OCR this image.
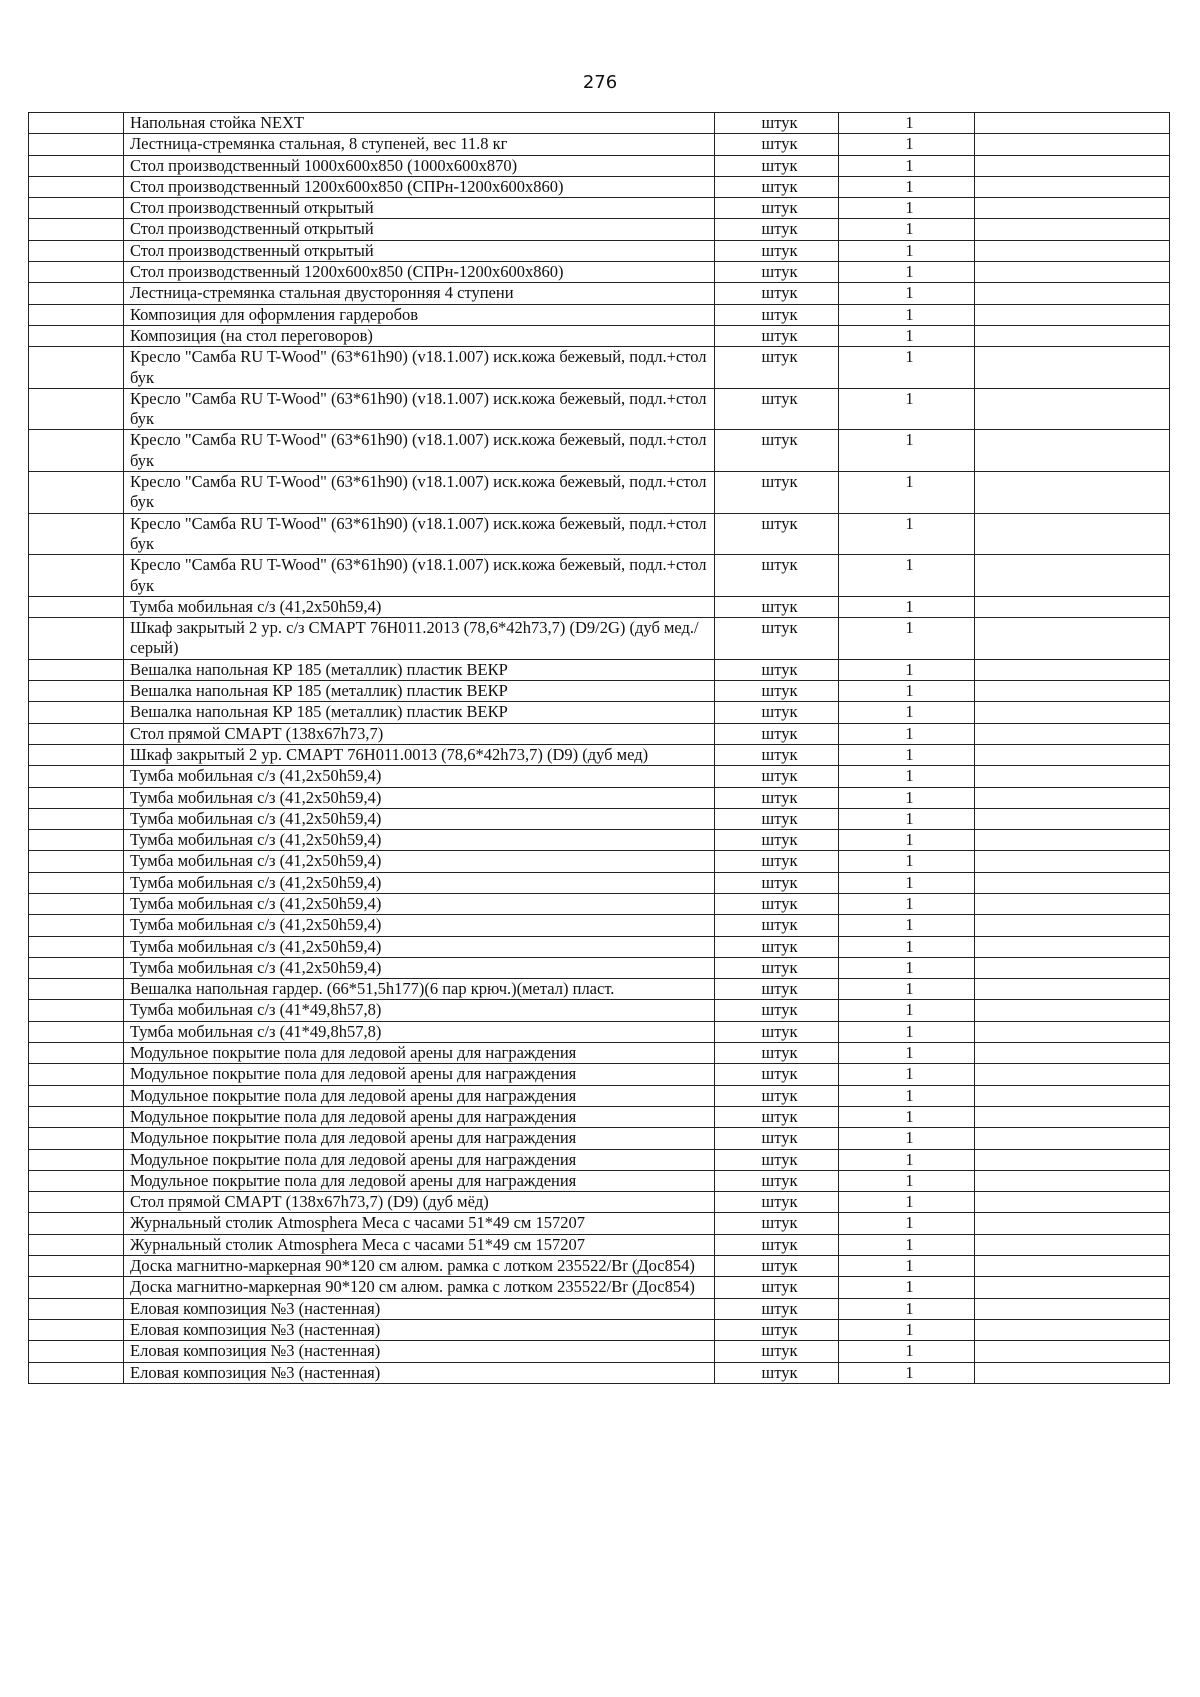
276
	Напольная стойка NEXT	штук	1	
	Лестница-стремянка стальная, 8 ступеней, вес 11.8 кг	штук	1	
	Стол производственный 1000х600х850 (1000х600х870)	штук	1	
	Стол производственный 1200х600х850 (СПРн-1200х600х860)	штук	1	
	Стол производственный открытый	штук	1	
	Стол производственный открытый	штук	1	
	Стол производственный открытый	штук	1	
	Стол производственный 1200х600х850 (СПРн-1200х600х860)	штук	1	
	Лестница-стремянка стальная двусторонняя 4 ступени	штук	1	
	Композиция для оформления гардеробов	штук	1	
	Композиция (на стол переговоров)	штук	1	
	Кресло "Самба RU T-Wood" (63*61h90) (v18.1.007) иск.кожа бежевый, подл.+стол бук	штук	1	
	Кресло "Самба RU T-Wood" (63*61h90) (v18.1.007) иск.кожа бежевый, подл.+стол бук	штук	1	
	Кресло "Самба RU T-Wood" (63*61h90) (v18.1.007) иск.кожа бежевый, подл.+стол бук	штук	1	
	Кресло "Самба RU T-Wood" (63*61h90) (v18.1.007) иск.кожа бежевый, подл.+стол бук	штук	1	
	Кресло "Самба RU T-Wood" (63*61h90) (v18.1.007) иск.кожа бежевый, подл.+стол бук	штук	1	
	Кресло "Самба RU T-Wood" (63*61h90) (v18.1.007) иск.кожа бежевый, подл.+стол бук	штук	1	
	Тумба мобильная с/з (41,2х50h59,4)	штук	1	
	Шкаф закрытый 2 ур. с/з СМАРТ 76Н011.2013 (78,6*42h73,7) (D9/2G) (дуб мед./серый)	штук	1	
	Вешалка напольная КР 185 (металлик) пластик ВЕКР	штук	1	
	Вешалка напольная КР 185 (металлик) пластик ВЕКР	штук	1	
	Вешалка напольная КР 185 (металлик) пластик ВЕКР	штук	1	
	Стол прямой СМАРТ (138х67h73,7)	штук	1	
	Шкаф закрытый 2 ур. СМАРТ 76Н011.0013 (78,6*42h73,7) (D9) (дуб мед)	штук	1	
	Тумба мобильная с/з (41,2х50h59,4)	штук	1	
	Тумба мобильная с/з (41,2х50h59,4)	штук	1	
	Тумба мобильная с/з (41,2х50h59,4)	штук	1	
	Тумба мобильная с/з (41,2х50h59,4)	штук	1	
	Тумба мобильная с/з (41,2х50h59,4)	штук	1	
	Тумба мобильная с/з (41,2х50h59,4)	штук	1	
	Тумба мобильная с/з (41,2х50h59,4)	штук	1	
	Тумба мобильная с/з (41,2х50h59,4)	штук	1	
	Тумба мобильная с/з (41,2х50h59,4)	штук	1	
	Тумба мобильная с/з (41,2х50h59,4)	штук	1	
	Вешалка напольная гардер. (66*51,5h177)(6 пар крюч.)(метал) пласт.	штук	1	
	Тумба мобильная с/з (41*49,8h57,8)	штук	1	
	Тумба мобильная с/з (41*49,8h57,8)	штук	1	
	Модульное покрытие пола для ледовой арены для награждения	штук	1	
	Модульное покрытие пола для ледовой арены для награждения	штук	1	
	Модульное покрытие пола для ледовой арены для награждения	штук	1	
	Модульное покрытие пола для ледовой арены для награждения	штук	1	
	Модульное покрытие пола для ледовой арены для награждения	штук	1	
	Модульное покрытие пола для ледовой арены для награждения	штук	1	
	Модульное покрытие пола для ледовой арены для награждения	штук	1	
	Стол прямой СМАРТ (138х67h73,7) (D9) (дуб мёд)	штук	1	
	Журнальный столик Atmosphera Меса с часами 51*49 см 157207	штук	1	
	Журнальный столик Atmosphera Меса с часами 51*49 см 157207	штук	1	
	Доска магнитно-маркерная 90*120 см алюм. рамка с лотком 235522/Br (Дос854)	штук	1	
	Доска магнитно-маркерная 90*120 см алюм. рамка с лотком 235522/Br (Дос854)	штук	1	
	Еловая композиция №3 (настенная)	штук	1	
	Еловая композиция №3 (настенная)	штук	1	
	Еловая композиция №3 (настенная)	штук	1	
	Еловая композиция №3 (настенная)	штук	1	
